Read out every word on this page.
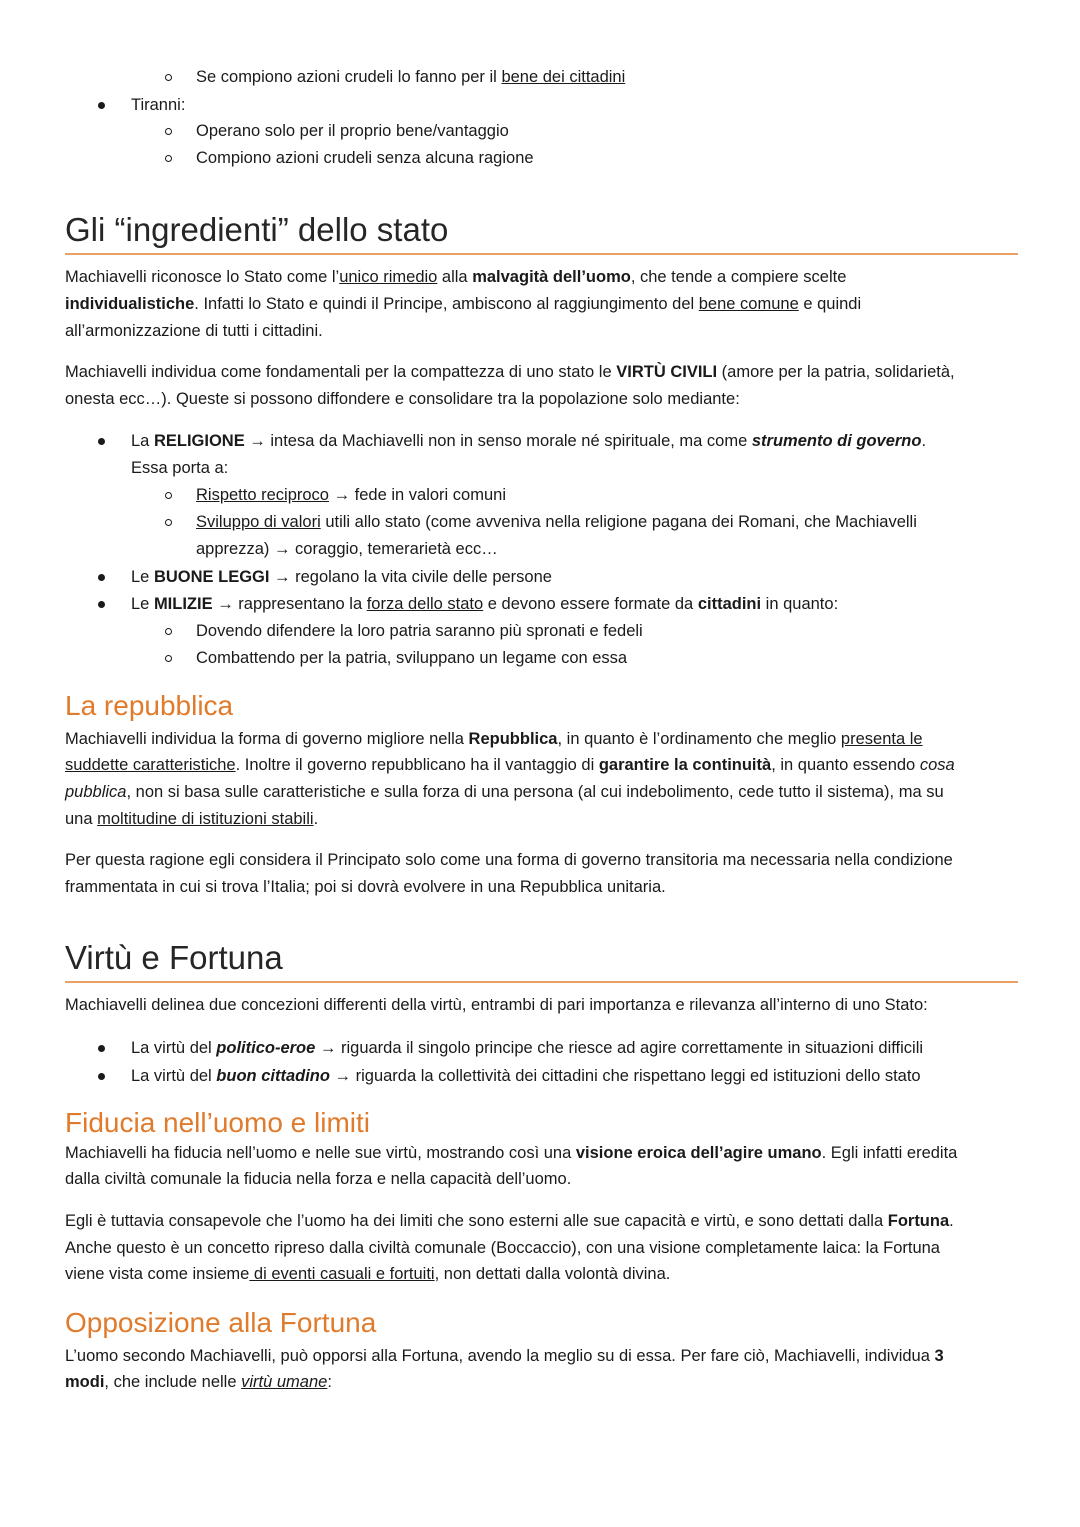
Se compiono azioni crudeli lo fanno per il bene dei cittadini
Tiranni:
Operano solo per il proprio bene/vantaggio
Compiono azioni crudeli senza alcuna ragione
Gli “ingredienti” dello stato
Machiavelli riconosce lo Stato come l’unico rimedio alla malvagità dell’uomo, che tende a compiere scelte
individualistiche. Infatti lo Stato e quindi il Principe, ambiscono al raggiungimento del bene comune e quindi
all’armonizzazione di tutti i cittadini.
Machiavelli individua come fondamentali per la compattezza di uno stato le VIRTÙ CIVILI (amore per la patria, solidarietà,
onesta ecc…). Queste si possono diffondere e consolidare tra la popolazione solo mediante:
La RELIGIONE → intesa da Machiavelli non in senso morale né spirituale, ma come strumento di governo.
Essa porta a:
Rispetto reciproco → fede in valori comuni
Sviluppo di valori utili allo stato (come avveniva nella religione pagana dei Romani, che Machiavelli
apprezza) → coraggio, temerarietà ecc…
Le BUONE LEGGI → regolano la vita civile delle persone
Le MILIZIE → rappresentano la forza dello stato e devono essere formate da cittadini in quanto:
Dovendo difendere la loro patria saranno più spronati e fedeli
Combattendo per la patria, sviluppano un legame con essa
La repubblica
Machiavelli individua la forma di governo migliore nella Repubblica, in quanto è l’ordinamento che meglio presenta le
suddette caratteristiche. Inoltre il governo repubblicano ha il vantaggio di garantire la continuità, in quanto essendo cosa
pubblica, non si basa sulle caratteristiche e sulla forza di una persona (al cui indebolimento, cede tutto il sistema), ma su
una moltitudine di istituzioni stabili.
Per questa ragione egli considera il Principato solo come una forma di governo transitoria ma necessaria nella condizione
frammentata in cui si trova l’Italia; poi si dovrà evolvere in una Repubblica unitaria.
Virtù e Fortuna
Machiavelli delinea due concezioni differenti della virtù, entrambi di pari importanza e rilevanza all’interno di uno Stato:
La virtù del politico-eroe → riguarda il singolo principe che riesce ad agire correttamente in situazioni difficili
La virtù del buon cittadino → riguarda la collettività dei cittadini che rispettano leggi ed istituzioni dello stato
Fiducia nell’uomo e limiti
Machiavelli ha fiducia nell’uomo e nelle sue virtù, mostrando così una visione eroica dell’agire umano. Egli infatti eredita
dalla civiltà comunale la fiducia nella forza e nella capacità dell’uomo.
Egli è tuttavia consapevole che l’uomo ha dei limiti che sono esterni alle sue capacità e virtù, e sono dettati dalla Fortuna.
Anche questo è un concetto ripreso dalla civiltà comunale (Boccaccio), con una visione completamente laica: la Fortuna
viene vista come insieme di eventi casuali e fortuiti, non dettati dalla volontà divina.
Opposizione alla Fortuna
L’uomo secondo Machiavelli, può opporsi alla Fortuna, avendo la meglio su di essa. Per fare ciò, Machiavelli, individua 3
modi, che include nelle virtù umane:
